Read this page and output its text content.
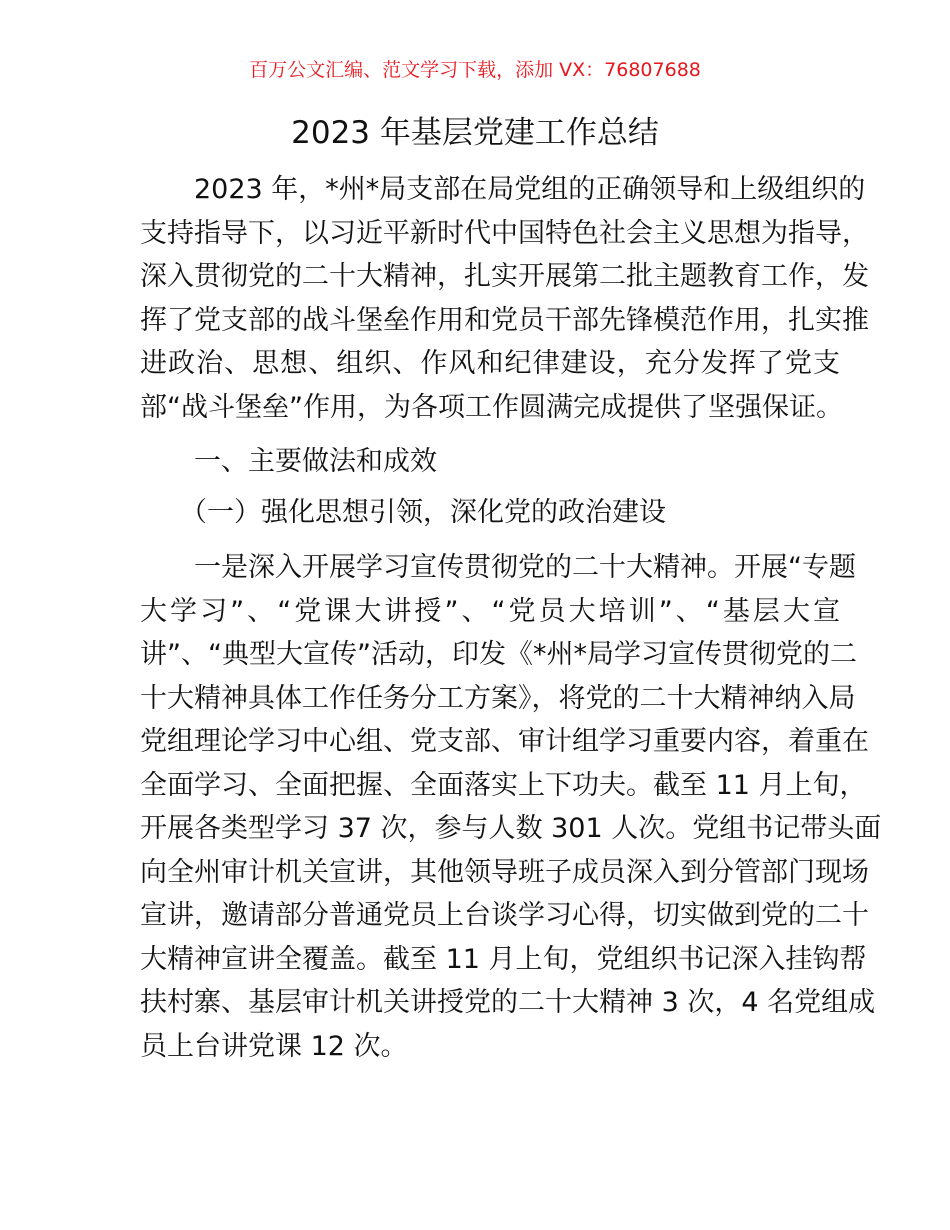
百万公文汇编、范文学习下载，添加 VX：76807688
2023 年基层党建工作总结
2023 年，*州*局支部在局党组的正确领导和上级组织的
支持指导下，以习近平新时代中国特色社会主义思想为指导，
深入贯彻党的二十大精神，扎实开展第二批主题教育工作，发
挥了党支部的战斗堡垒作用和党员干部先锋模范作用，扎实推
进政治、思想、组织、作风和纪律建设，充分发挥了党支
部“战斗堡垒”作用，为各项工作圆满完成提供了坚强保证。
一、主要做法和成效
（一）强化思想引领，深化党的政治建设
一是深入开展学习宣传贯彻党的二十大精神。开展“专题
大学习”、“党课大讲授”、“党员大培训”、“基层大宣
讲”、“典型大宣传”活动，印发《*州*局学习宣传贯彻党的二
十大精神具体工作任务分工方案》，将党的二十大精神纳入局
党组理论学习中心组、党支部、审计组学习重要内容，着重在
全面学习、全面把握、全面落实上下功夫。截至 11 月上旬，
开展各类型学习 37 次，参与人数 301 人次。党组书记带头面
向全州审计机关宣讲，其他领导班子成员深入到分管部门现场
宣讲，邀请部分普通党员上台谈学习心得，切实做到党的二十
大精神宣讲全覆盖。截至 11 月上旬，党组织书记深入挂钩帮
扶村寨、基层审计机关讲授党的二十大精神 3 次，4 名党组成
员上台讲党课 12 次。
